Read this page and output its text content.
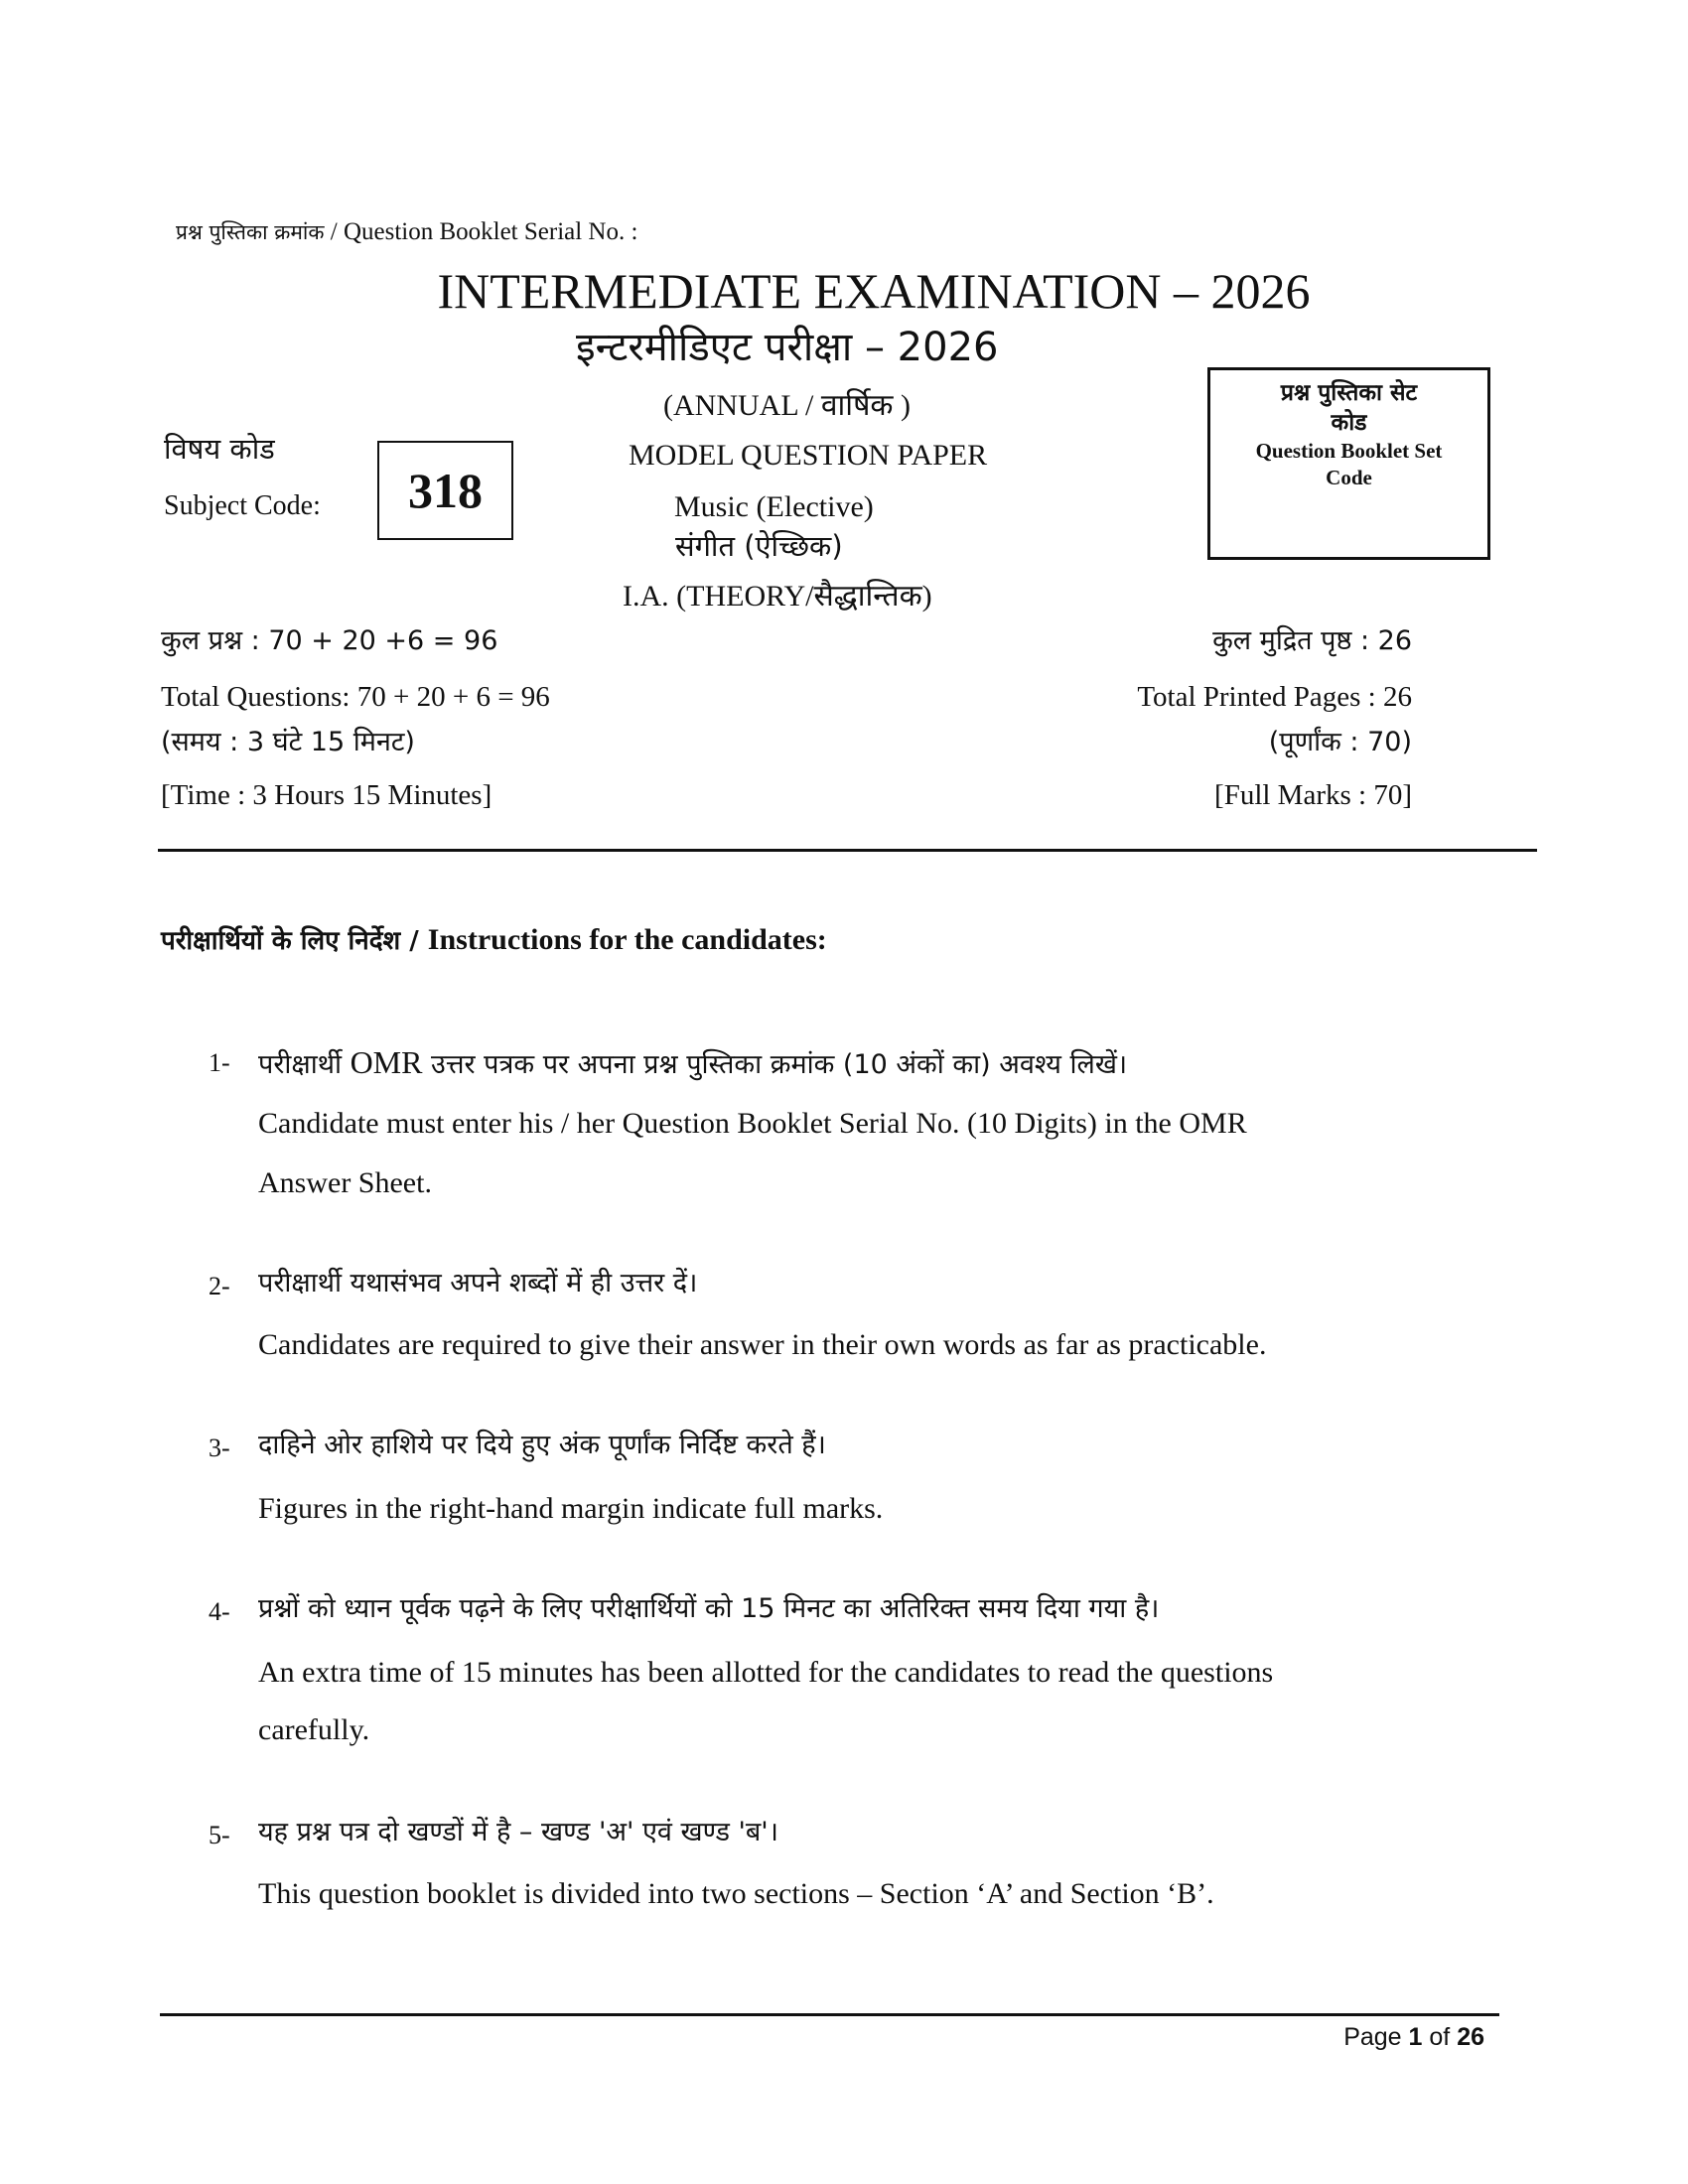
प्रश्न पुस्तिका क्रमांक / Question Booklet Serial No. :
INTERMEDIATE EXAMINATION – 2026
इन्टरमीडिएट परीक्षा – 2026
(ANNUAL / वार्षिक )
MODEL QUESTION PAPER
Music (Elective)
संगीत (ऐच्छिक)
I.A. (THEORY/सैद्धान्तिक)
विषय कोड
Subject Code: 318
प्रश्न पुस्तिका सेट
कोड
Question Booklet Set
Code
कुल प्रश्न : 70 + 20 +6 = 96
Total Questions: 70 + 20 + 6 = 96
(समय : 3 घंटे 15 मिनट)
[Time : 3 Hours 15 Minutes]
कुल मुद्रित पृष्ठ : 26
Total Printed Pages : 26
(पूर्णांक : 70)
[Full Marks : 70]
परीक्षार्थियों के लिए निर्देश / Instructions for the candidates:
1- परीक्षार्थी OMR उत्तर पत्रक पर अपना प्रश्न पुस्तिका क्रमांक (10 अंकों का) अवश्य लिखें।
Candidate must enter his / her Question Booklet Serial No. (10 Digits) in the OMR
Answer Sheet.
2- परीक्षार्थी यथासंभव अपने शब्दों में ही उत्तर दें।
Candidates are required to give their answer in their own words as far as practicable.
3- दाहिने ओर हाशिये पर दिये हुए अंक पूर्णांक निर्दिष्ट करते हैं।
Figures in the right-hand margin indicate full marks.
4- प्रश्नों को ध्यान पूर्वक पढ़ने के लिए परीक्षार्थियों को 15 मिनट का अतिरिक्त समय दिया गया है।
An extra time of 15 minutes has been allotted for the candidates to read the questions
carefully.
5- यह प्रश्न पत्र दो खण्डों में है – खण्ड 'अ' एवं खण्ड 'ब'।
This question booklet is divided into two sections – Section ‘A’ and Section ‘B’.
Page 1 of 26
